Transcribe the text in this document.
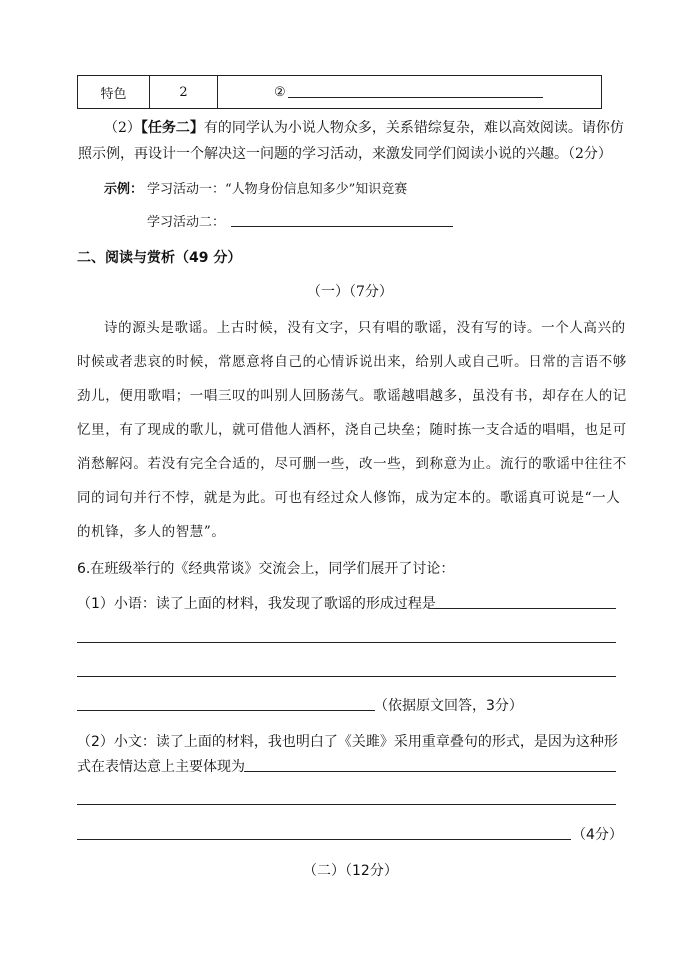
特色	2	②
（2）【任务二】有的同学认为小说人物众多，关系错综复杂，难以高效阅读。请你仿
照示例，再设计一个解决这一问题的学习活动，来激发同学们阅读小说的兴趣。（2分）
示例： 学习活动一：“人物身份信息知多少”知识竞赛
学习活动二：
二、阅读与赏析（49 分）
（一）（7分）
诗的源头是歌谣。上古时候，没有文字，只有唱的歌谣，没有写的诗。一个人高兴的
时候或者悲哀的时候，常愿意将自己的心情诉说出来，给别人或自己听。日常的言语不够
劲儿，便用歌唱；一唱三叹的叫别人回肠荡气。歌谣越唱越多，虽没有书，却存在人的记
忆里，有了现成的歌儿，就可借他人酒杯，浇自己块垒；随时拣一支合适的唱唱，也足可
消愁解闷。若没有完全合适的，尽可删一些，改一些，到称意为止。流行的歌谣中往往不
同的词句并行不悖，就是为此。可也有经过众人修饰，成为定本的。歌谣真可说是“一人
的机锋，多人的智慧”。
6.在班级举行的《经典常谈》交流会上，同学们展开了讨论：
（1）小语：读了上面的材料，我发现了歌谣的形成过程是
（依据原文回答，3分）
（2）小文：读了上面的材料，我也明白了《关雎》采用重章叠句的形式，是因为这种形
式在表情达意上主要体现为
（4分）
（二）（12分）
